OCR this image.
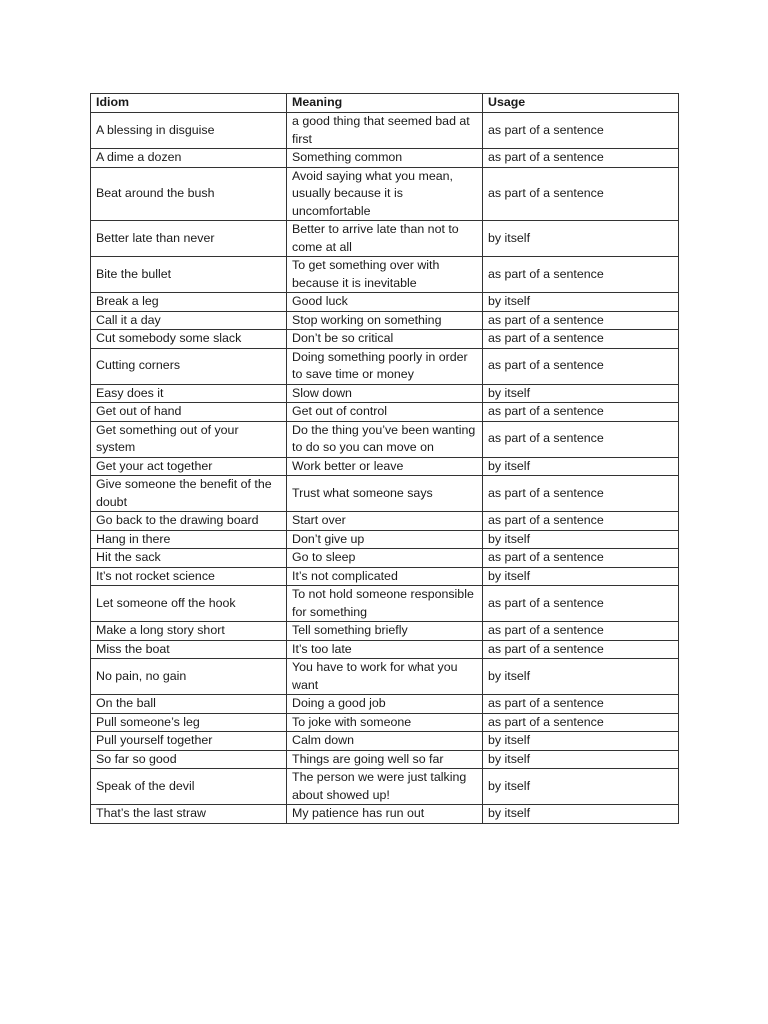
Idiom	Meaning	Usage
A blessing in disguise	a good thing that seemed bad at first	as part of a sentence
A dime a dozen	Something common	as part of a sentence
Beat around the bush	Avoid saying what you mean, usually because it is uncomfortable	as part of a sentence
Better late than never	Better to arrive late than not to come at all	by itself
Bite the bullet	To get something over with because it is inevitable	as part of a sentence
Break a leg	Good luck	by itself
Call it a day	Stop working on something	as part of a sentence
Cut somebody some slack	Don’t be so critical	as part of a sentence
Cutting corners	Doing something poorly in order to save time or money	as part of a sentence
Easy does it	Slow down	by itself
Get out of hand	Get out of control	as part of a sentence
Get something out of your system	Do the thing you’ve been wanting to do so you can move on	as part of a sentence
Get your act together	Work better or leave	by itself
Give someone the benefit of the doubt	Trust what someone says	as part of a sentence
Go back to the drawing board	Start over	as part of a sentence
Hang in there	Don’t give up	by itself
Hit the sack	Go to sleep	as part of a sentence
It’s not rocket science	It’s not complicated	by itself
Let someone off the hook	To not hold someone responsible for something	as part of a sentence
Make a long story short	Tell something briefly	as part of a sentence
Miss the boat	It’s too late	as part of a sentence
No pain, no gain	You have to work for what you want	by itself
On the ball	Doing a good job	as part of a sentence
Pull someone’s leg	To joke with someone	as part of a sentence
Pull yourself together	Calm down	by itself
So far so good	Things are going well so far	by itself
Speak of the devil	The person we were just talking about showed up!	by itself
That’s the last straw	My patience has run out	by itself
